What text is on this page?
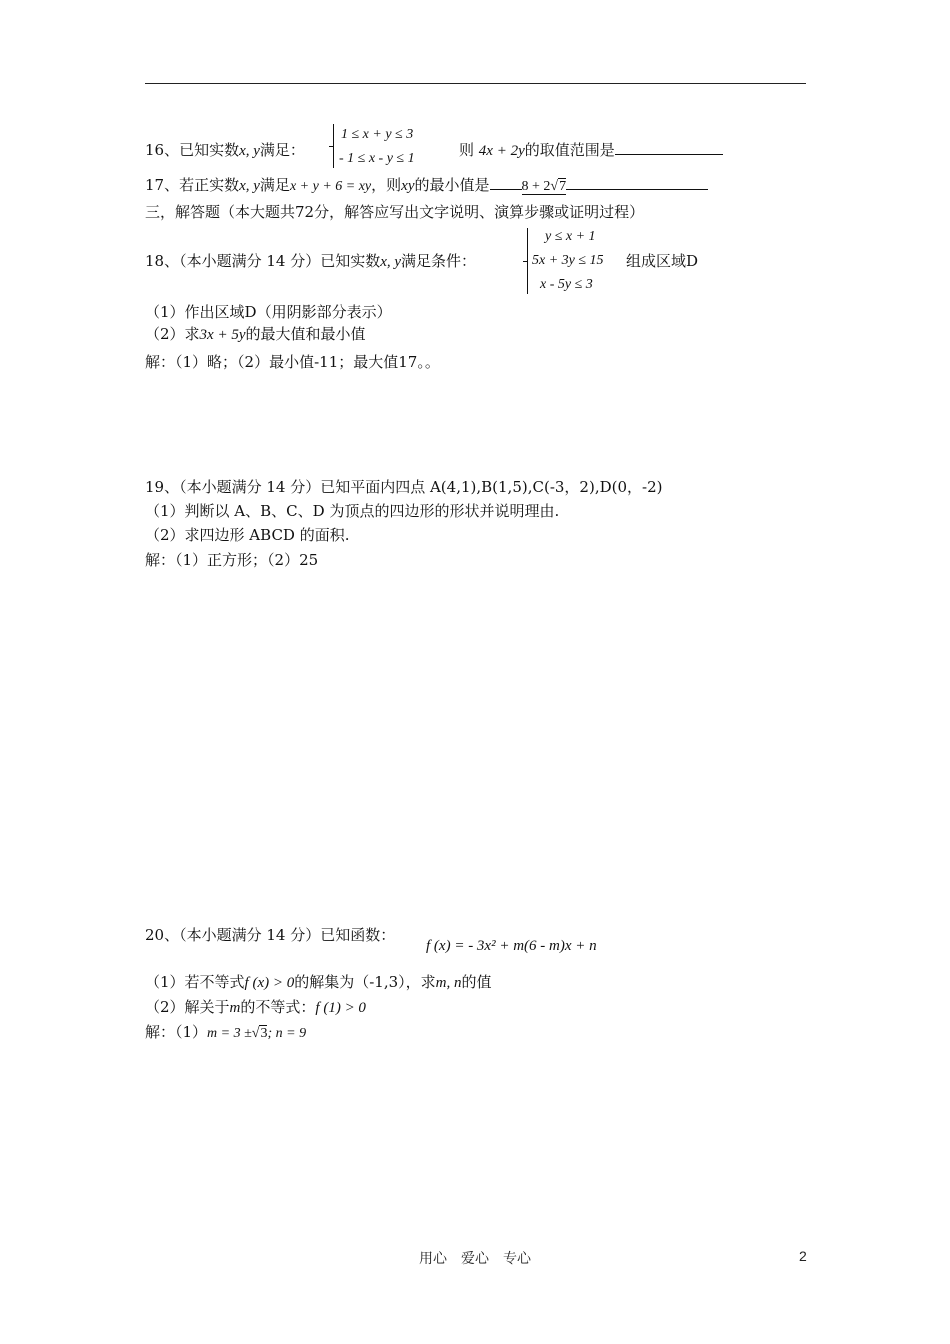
16、已知实数x, y满足：
1 ≤ x + y ≤ 3
- 1 ≤ x - y ≤ 1	则 4x + 2y的取值范围是
17、若正实数x, y满足x + y + 6 = xy，则xy的最小值是 8 + 2√7
三，解答题（本大题共72分，解答应写出文字说明、演算步骤或证明过程）
18、（本小题满分 14 分）已知实数x, y满足条件：
y ≤ x + 1
5x + 3y ≤ 15
x - 5y ≤ 3
组成区域D
（1）作出区域D（用阴影部分表示）
（2）求3x + 5y的最大值和最小值
解：（1）略；（2）最小值-11；最大值17。。
19、（本小题满分 14 分）已知平面内四点 A(4,1),B(1,5),C(-3，2),D(0，-2)
（1）判断以 A、B、C、D 为顶点的四边形的形状并说明理由.
（2）求四边形 ABCD 的面积.
解：（1）正方形；（2）25
20、（本小题满分 14 分）已知函数：
f (x) = - 3x² + m(6 - m)x + n
（1）若不等式f (x) > 0的解集为（-1,3），求m, n的值
（2）解关于m的不等式：f (1) > 0
解：（1）m = 3 ±√3; n = 9
用心　爱心　专心	2
